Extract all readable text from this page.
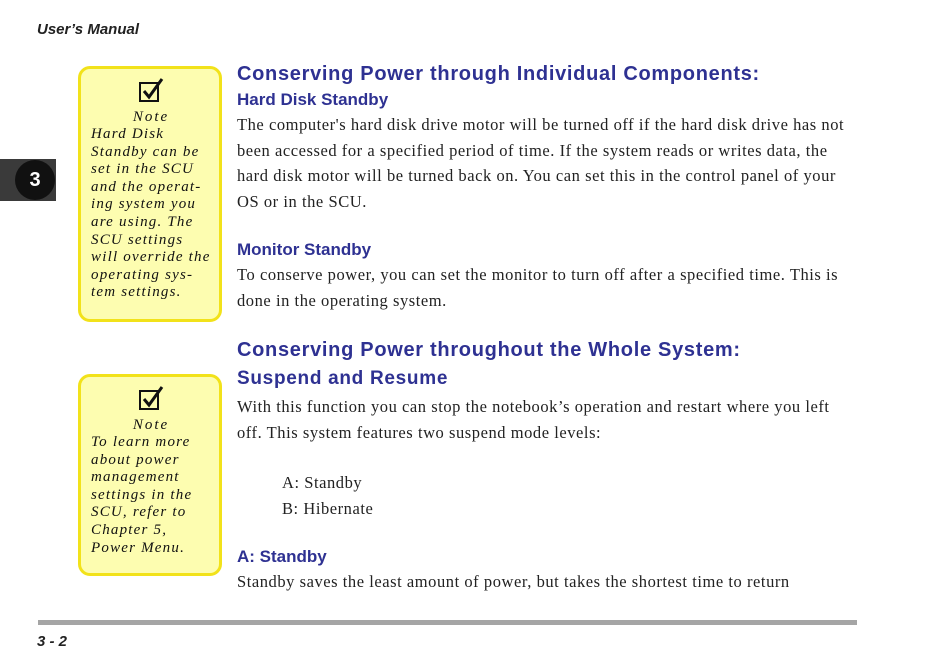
User’s Manual
3
Note
Hard Disk Standby can be set in the SCU and the operat-ing system you are using. The SCU settings will override the operating sys-tem settings.
Note
To learn more about power management settings in the SCU, refer to Chapter 5, Power Menu.
Conserving Power through Individual Components:
Hard Disk Standby

The computer's hard disk drive motor will be turned off if the hard disk drive has not been accessed for a specified period of time. If the system reads or writes data, the hard disk motor will be turned back on. You can set this in the control panel of your OS or in the SCU.

Monitor Standby

To conserve power, you can set the monitor to turn off after a specified time. This is done in the operating system.

Conserving Power throughout the Whole System:
Suspend and Resume

With this function you can stop the notebook’s operation and restart where you left off. This system features two suspend mode levels:

A: Standby
B: Hibernate
A: Standby

Standby saves the least amount of power, but takes the shortest time to return

3 - 2
